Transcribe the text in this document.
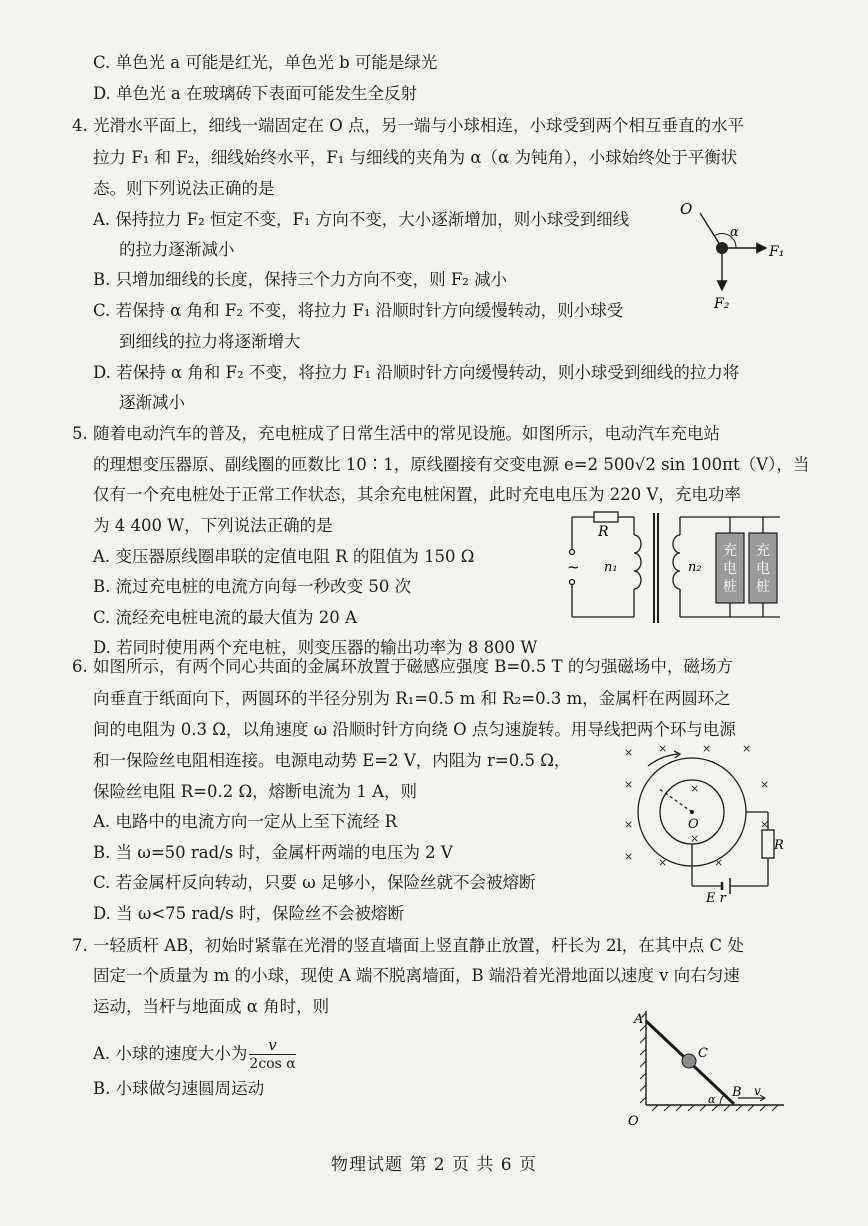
C. 单色光 a 可能是红光，单色光 b 可能是绿光
D. 单色光 a 在玻璃砖下表面可能发生全反射
4. 光滑水平面上，细线一端固定在 O 点，另一端与小球相连，小球受到两个相互垂直的水平
拉力 F₁ 和 F₂，细线始终水平，F₁ 与细线的夹角为 α（α 为钝角），小球始终处于平衡状
态。则下列说法正确的是
A. 保持拉力 F₂ 恒定不变，F₁ 方向不变，大小逐渐增加，则小球受到细线
的拉力逐渐减小
B. 只增加细线的长度，保持三个力方向不变，则 F₂ 减小
C. 若保持 α 角和 F₂ 不变，将拉力 F₁ 沿顺时针方向缓慢转动，则小球受
到细线的拉力将逐渐增大
D. 若保持 α 角和 F₂ 不变，将拉力 F₁ 沿顺时针方向缓慢转动，则小球受到细线的拉力将
逐渐减小
O
α
F₁
F₂
5. 随着电动汽车的普及，充电桩成了日常生活中的常见设施。如图所示，电动汽车充电站
的理想变压器原、副线圈的匝数比 10∶1，原线圈接有交变电源 e=2 500√2 sin 100πt（V），当
仅有一个充电桩处于正常工作状态，其余充电桩闲置，此时充电电压为 220 V，充电功率
为 4 400 W，下列说法正确的是
A. 变压器原线圈串联的定值电阻 R 的阻值为 150 Ω
B. 流过充电桩的电流方向每一秒改变 50 次
C. 流经充电桩电流的最大值为 20 A
D. 若同时使用两个充电桩，则变压器的输出功率为 8 800 W
充电桩
充电桩
R
n₁	n₂
~
6. 如图所示，有两个同心共面的金属环放置于磁感应强度 B=0.5 T 的匀强磁场中，磁场方
向垂直于纸面向下，两圆环的半径分别为 R₁=0.5 m 和 R₂=0.3 m，金属杆在两圆环之
间的电阻为 0.3 Ω，以角速度 ω 沿顺时针方向绕 O 点匀速旋转。用导线把两个环与电源
和一保险丝电阻相连接。电源电动势 E=2 V，内阻为 r=0.5 Ω，
保险丝电阻 R=0.2 Ω，熔断电流为 1 A，则
A. 电路中的电流方向一定从上至下流经 R
B. 当 ω=50 rad/s 时，金属杆两端的电压为 2 V
C. 若金属杆反向转动，只要 ω 足够小，保险丝就不会被熔断
D. 当 ω<75 rad/s 时，保险丝不会被熔断
× ×	×	×
×	×
×	×
× ×	×
×
×
O
R
E r
7. 一轻质杆 AB，初始时紧靠在光滑的竖直墙面上竖直静止放置，杆长为 2l，在其中点 C 处
固定一个质量为 m 的小球，现使 A 端不脱离墙面，B 端沿着光滑地面以速度 v 向右匀速
运动，当杆与地面成 α 角时，则
A. 小球的速度大小为 $\frac{v}{\text{2cos α}}$
B. 小球做匀速圆周运动
A
C
B v
α
O
物理试题 第 2 页 共 6 页
